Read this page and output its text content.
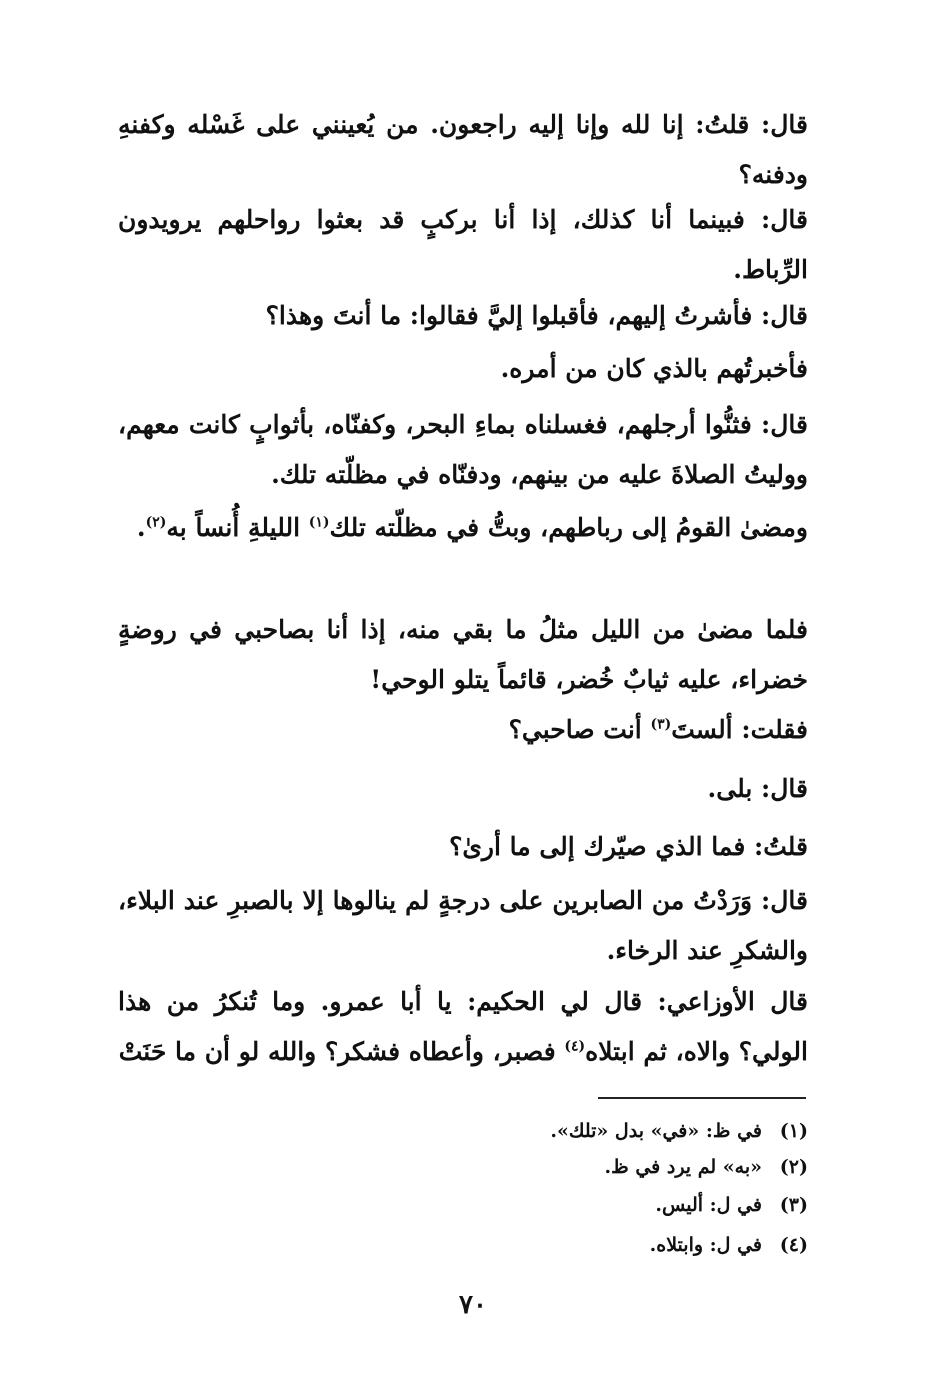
قال: قلتُ: إنا لله وإنا إليه راجعون. من يُعينني على غَسْله وكفنهِ ودفنه؟
قال: فبينما أنا كذلك، إذا أنا بركبٍ قد بعثوا رواحلهم يرويدون الرِّباط.
قال: فأشرتُ إليهم، فأقبلوا إليَّ فقالوا: ما أنتَ وهذا؟
فأخبرتُهم بالذي كان من أمره.
قال: فثنُّوا أرجلهم، فغسلناه بماءِ البحر، وكفنّاه، بأثوابٍ كانت معهم، ووليتُ الصلاةَ عليه من بينهم، ودفنّاه في مظلّته تلك.
ومضىٰ القومُ إلى رباطهم، وبتُّ في مظلّته تلك$^{(١)}$ الليلةِ أُنساً به$^{(٢)}$.
فلما مضىٰ من الليل مثلُ ما بقي منه، إذا أنا بصاحبي في روضةٍ خضراء، عليه ثيابٌ خُضر، قائماً يتلو الوحي!
فقلت: ألستَ$^{(٣)}$ أنت صاحبي؟
قال: بلى.
قلتُ: فما الذي صيّرك إلى ما أرىٰ؟
قال: وَرَدْتُ من الصابرين على درجةٍ لم ينالوها إلا بالصبرِ عند البلاء، والشكرِ عند الرخاء.
قال الأوزاعي: قال لي الحكيم: يا أبا عمرو. وما تُنكرُ من هذا الولي؟ والاه، ثم ابتلاه$^{(٤)}$ فصبر، وأعطاه فشكر؟ والله لو أن ما حَنَتْ
(١)في ظ: «في» بدل «تلك».
(٢)«به» لم يرد في ظ.
(٣)في ل: أليس.
(٤)في ل: وابتلاه.
٧٠
